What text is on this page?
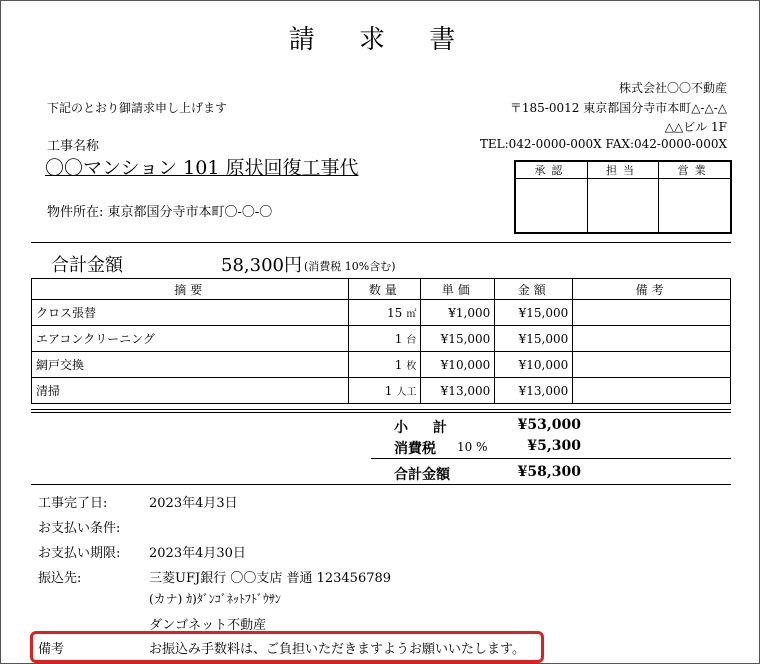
請 求 書
下記のとおり御請求申し上げます
株式会社〇〇不動産
〒185-0012 東京都国分寺市本町△-△-△
△△ビル 1F
TEL:042-0000-000X FAX:042-0000-000X
承認	担当	営業

工事名称
〇〇マンション 101 原状回復工事代
物件所在: 東京都国分寺市本町〇-〇-〇
合計金額	58,300円 (消費税 10%含む)
摘要	数量	単価	金額	備考
クロス張替	15 ㎡	¥1,000	¥15,000	
エアコンクリーニング	1 台	¥15,000	¥15,000	
網戸交換	1 枚	¥10,000	¥10,000	
清掃	1 人工	¥13,000	¥13,000	
小 計	¥53,000
消費税 10 %	¥5,300
合計金額	¥58,300
工事完了日:	2023年4月3日
お支払い条件:
お支払い期限: 2023年4月30日
振込先:	三菱UFJ銀行 〇〇支店 普通 123456789
(カナ) ｶ)ﾀﾞﾝｺﾞﾈｯﾄﾌﾄﾞｳｻﾝ
ダンゴネット不動産
備考	お振込み手数料は、ご負担いただきますようお願いいたします。
